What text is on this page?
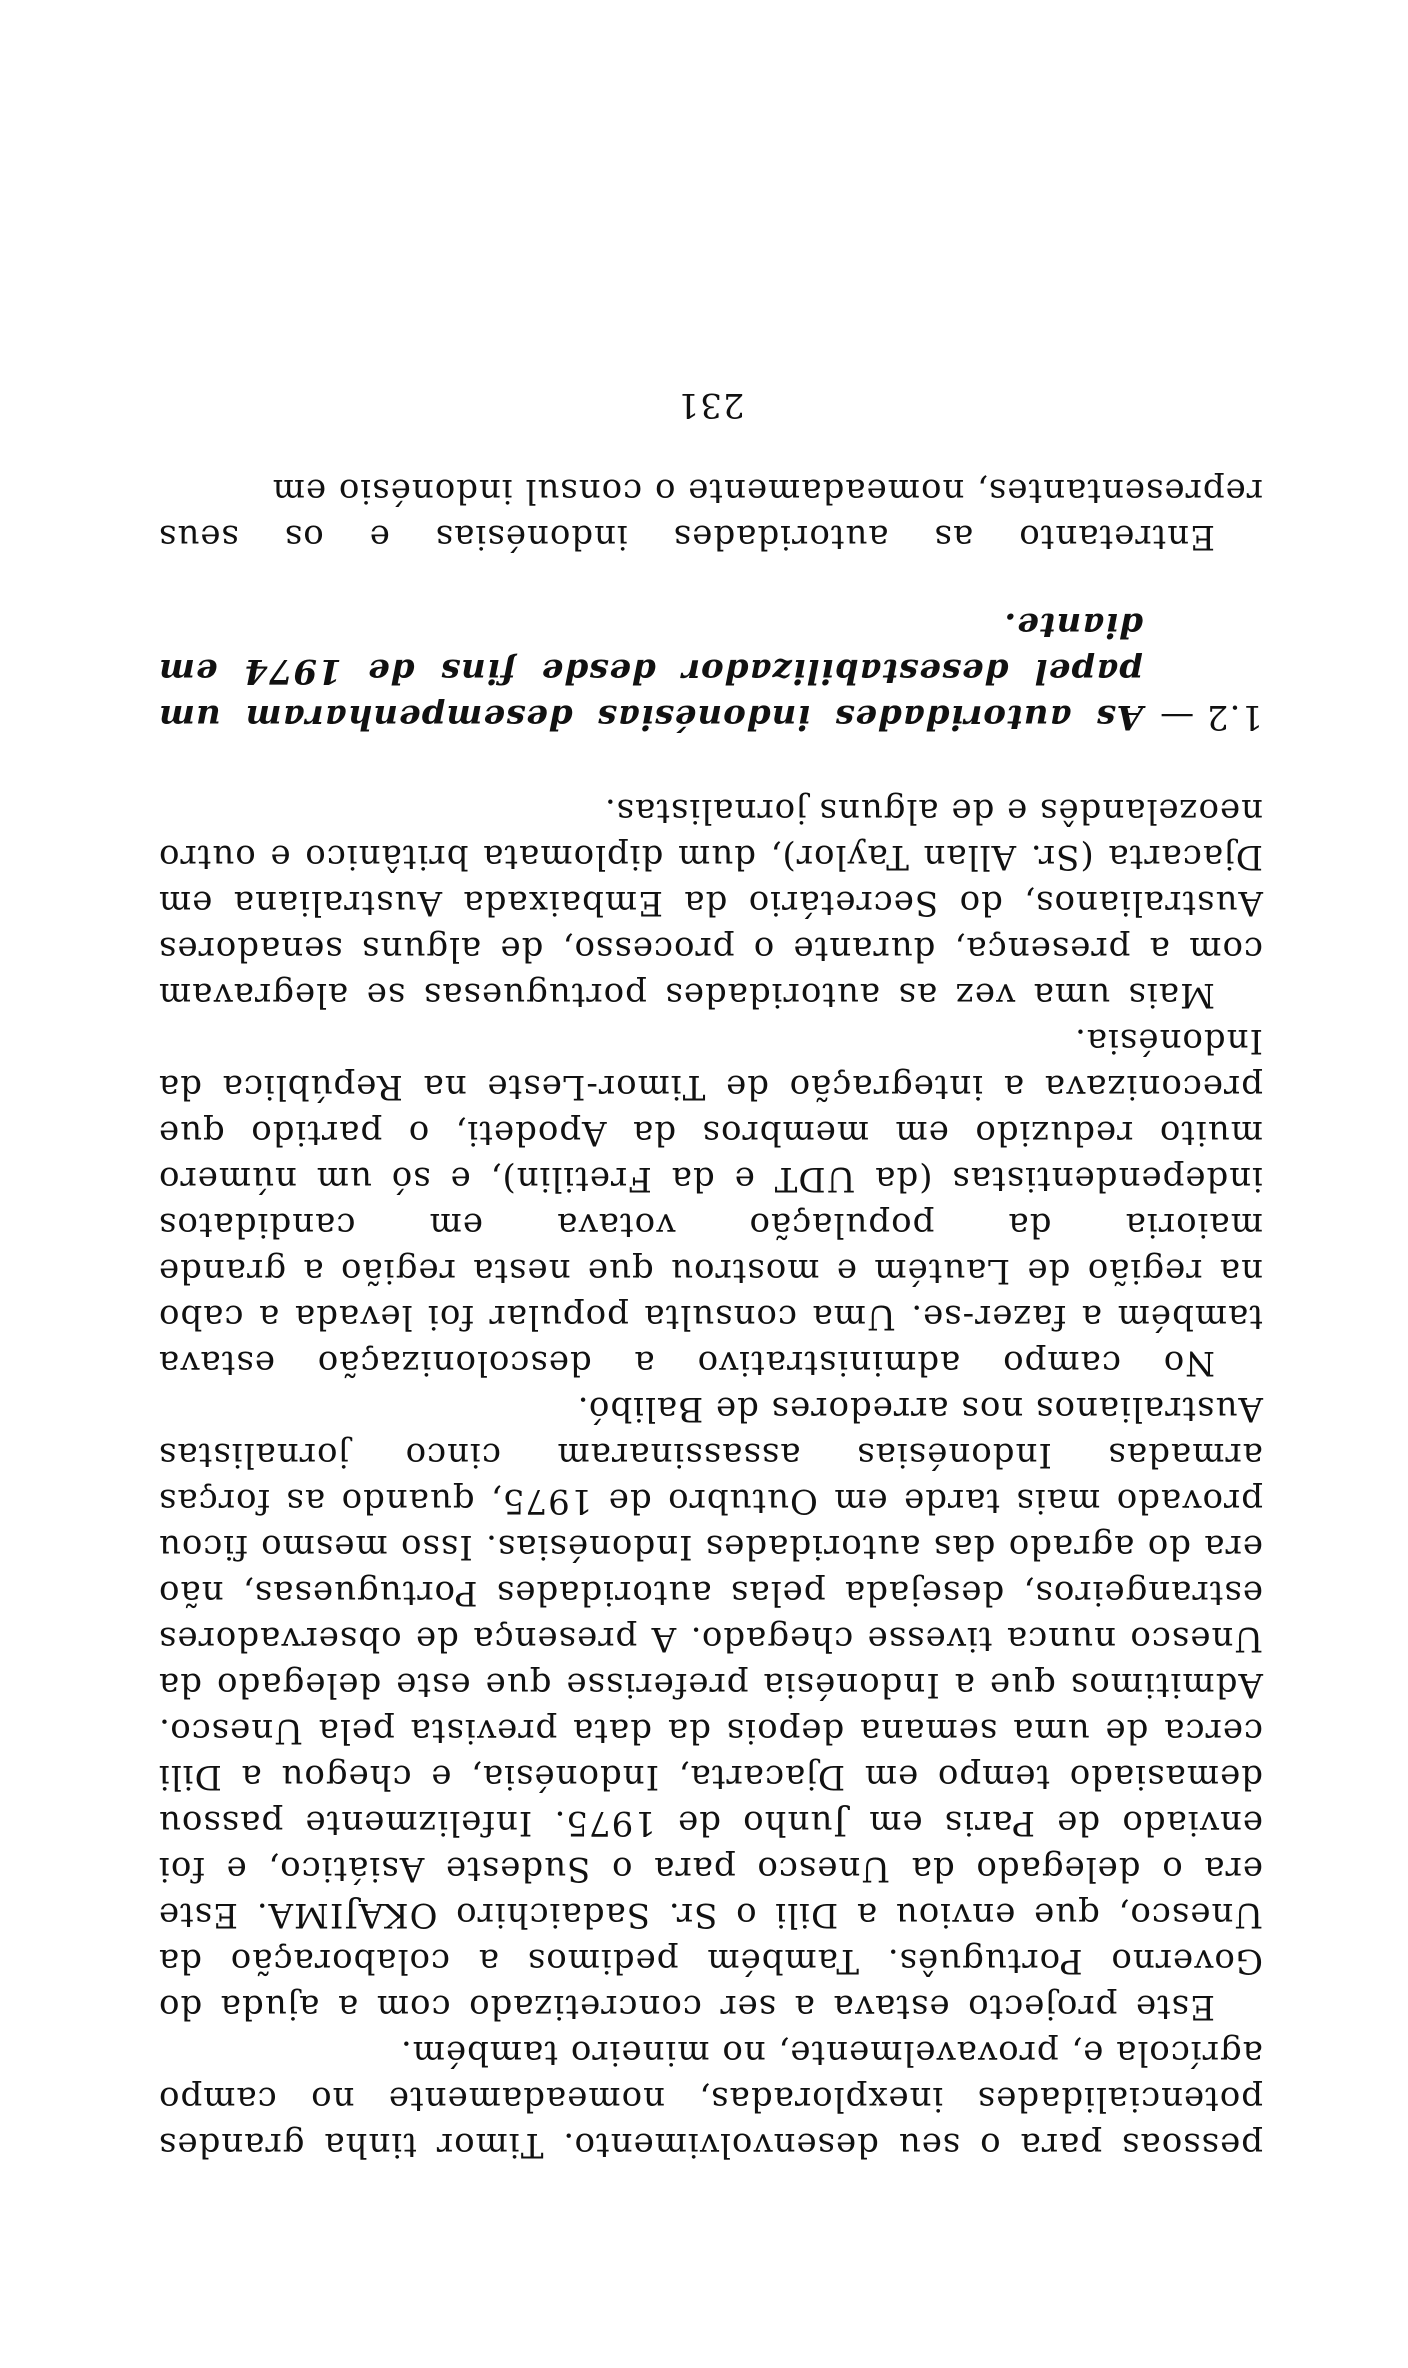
pessoas para o seu desenvolvimento. Timor tinha grandes potencialidades inexploradas, nomeadamente no campo agrícola e, provavelmente, no mineiro também.

Este projecto estava a ser concretizado com a ajuda do Governo Português. Também pedimos a colaboração da Unesco, que enviou a Dili o Sr. Sadaichiro OKAJIMA. Este era o delegado da Unesco para o Sudeste Asiático, e foi enviado de Paris em Junho de 1975. Infelizmente passou demasiado tempo em Djacarta, Indonésia, e chegou a Dili cerca de uma semana depois da data prevista pela Unesco. Admitimos que a Indonésia preferisse que este delegado da Unesco nunca tivesse chegado. A presença de observadores estrangeiros, desejada pelas autoridades Portuguesas, não era do agrado das autoridades Indonésias. Isso mesmo ficou provado mais tarde em Outubro de 1975, quando as forças armadas Indonésias assassinaram cinco jornalistas Australianos nos arredores de Balibó.

No campo administrativo a descolonização estava também a fazer-se. Uma consulta popular foi levada a cabo na região de Lautém e mostrou que nesta região a grande maioria da população votava em candidatos independentistas (da UDT e da Fretilin), e só um número muito reduzido em membros da Apodeti, o partido que preconizava a integração de Timor-Leste na República da Indonésia.

Mais uma vez as autoridades portuguesas se alegravam com a presença, durante o processo, de alguns senadores Australianos, do Secretário da Embaixada Australiana em Djacarta (Sr. Allan Taylor), dum diplomata britânico e outro neozelandês e de alguns jornalistas.

1.2 —
As autoridades indonésias desempenharam um papel desestabilizador desde fins de 1974 em diante.

Entretanto as autoridades indonésias e os seus representantes, nomeadamente o consul indonésio em

231
